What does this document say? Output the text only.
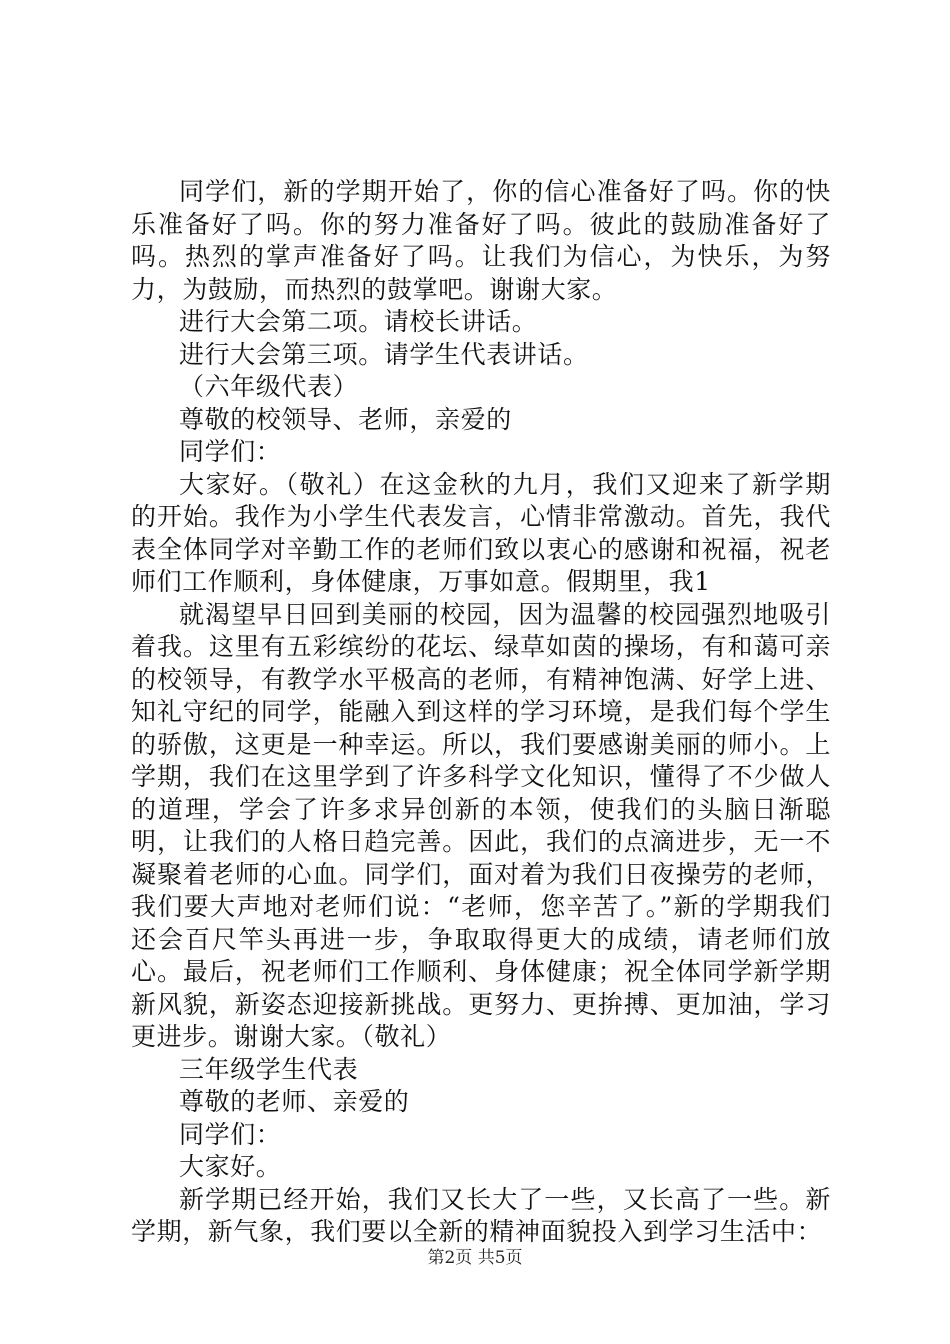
同学们，新的学期开始了，你的信心准备好了吗。你的快乐准备好了吗。你的努力准备好了吗。彼此的鼓励准备好了吗。热烈的掌声准备好了吗。让我们为信心，为快乐，为努力，为鼓励，而热烈的鼓掌吧。谢谢大家。

进行大会第二项。请校长讲话。

进行大会第三项。请学生代表讲话。

（六年级代表）

尊敬的校领导、老师，亲爱的

同学们：

大家好。（敬礼）在这金秋的九月，我们又迎来了新学期的开始。我作为小学生代表发言，心情非常激动。首先，我代表全体同学对辛勤工作的老师们致以衷心的感谢和祝福，祝老师们工作顺利，身体健康，万事如意。假期里，我1

就渴望早日回到美丽的校园，因为温馨的校园强烈地吸引着我。这里有五彩缤纷的花坛、绿草如茵的操场，有和蔼可亲的校领导，有教学水平极高的老师，有精神饱满、好学上进、知礼守纪的同学，能融入到这样的学习环境，是我们每个学生的骄傲，这更是一种幸运。所以，我们要感谢美丽的师小。上学期，我们在这里学到了许多科学文化知识，懂得了不少做人的道理，学会了许多求异创新的本领，使我们的头脑日渐聪明，让我们的人格日趋完善。因此，我们的点滴进步，无一不凝聚着老师的心血。同学们，面对着为我们日夜操劳的老师，我们要大声地对老师们说：“老师，您辛苦了。”新的学期我们还会百尺竿头再进一步，争取取得更大的成绩，请老师们放心。最后，祝老师们工作顺利、身体健康；祝全体同学新学期新风貌，新姿态迎接新挑战。更努力、更拚搏、更加油，学习更进步。谢谢大家。（敬礼）

三年级学生代表

尊敬的老师、亲爱的

同学们：

大家好。

新学期已经开始，我们又长大了一些，又长高了一些。新学期，新气象，我们要以全新的精神面貌投入到学习生活中：

第2页 共5页
